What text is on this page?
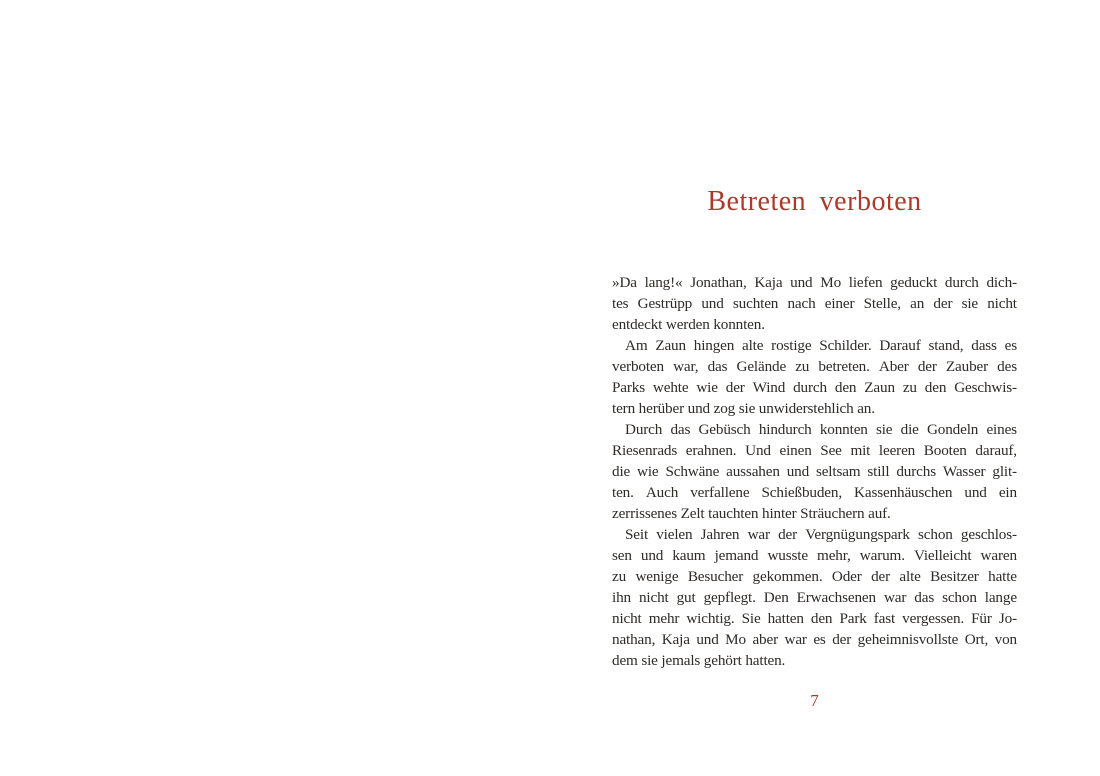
Betreten verboten
»Da lang!« Jonathan, Kaja und Mo liefen geduckt durch dich-
tes Gestrüpp und suchten nach einer Stelle, an der sie nicht
entdeckt werden konnten.
Am Zaun hingen alte rostige Schilder. Darauf stand, dass es
verboten war, das Gelände zu betreten. Aber der Zauber des
Parks wehte wie der Wind durch den Zaun zu den Geschwis-
tern herüber und zog sie unwiderstehlich an.
Durch das Gebüsch hindurch konnten sie die Gondeln eines
Riesenrads erahnen. Und einen See mit leeren Booten darauf,
die wie Schwäne aussahen und seltsam still durchs Wasser glit-
ten. Auch verfallene Schießbuden, Kassenhäuschen und ein
zerrissenes Zelt tauchten hinter Sträuchern auf.
Seit vielen Jahren war der Vergnügungspark schon geschlos-
sen und kaum jemand wusste mehr, warum. Vielleicht waren
zu wenige Besucher gekommen. Oder der alte Besitzer hatte
ihn nicht gut gepflegt. Den Erwachsenen war das schon lange
nicht mehr wichtig. Sie hatten den Park fast vergessen. Für Jo-
nathan, Kaja und Mo aber war es der geheimnisvollste Ort, von
dem sie jemals gehört hatten.
7
